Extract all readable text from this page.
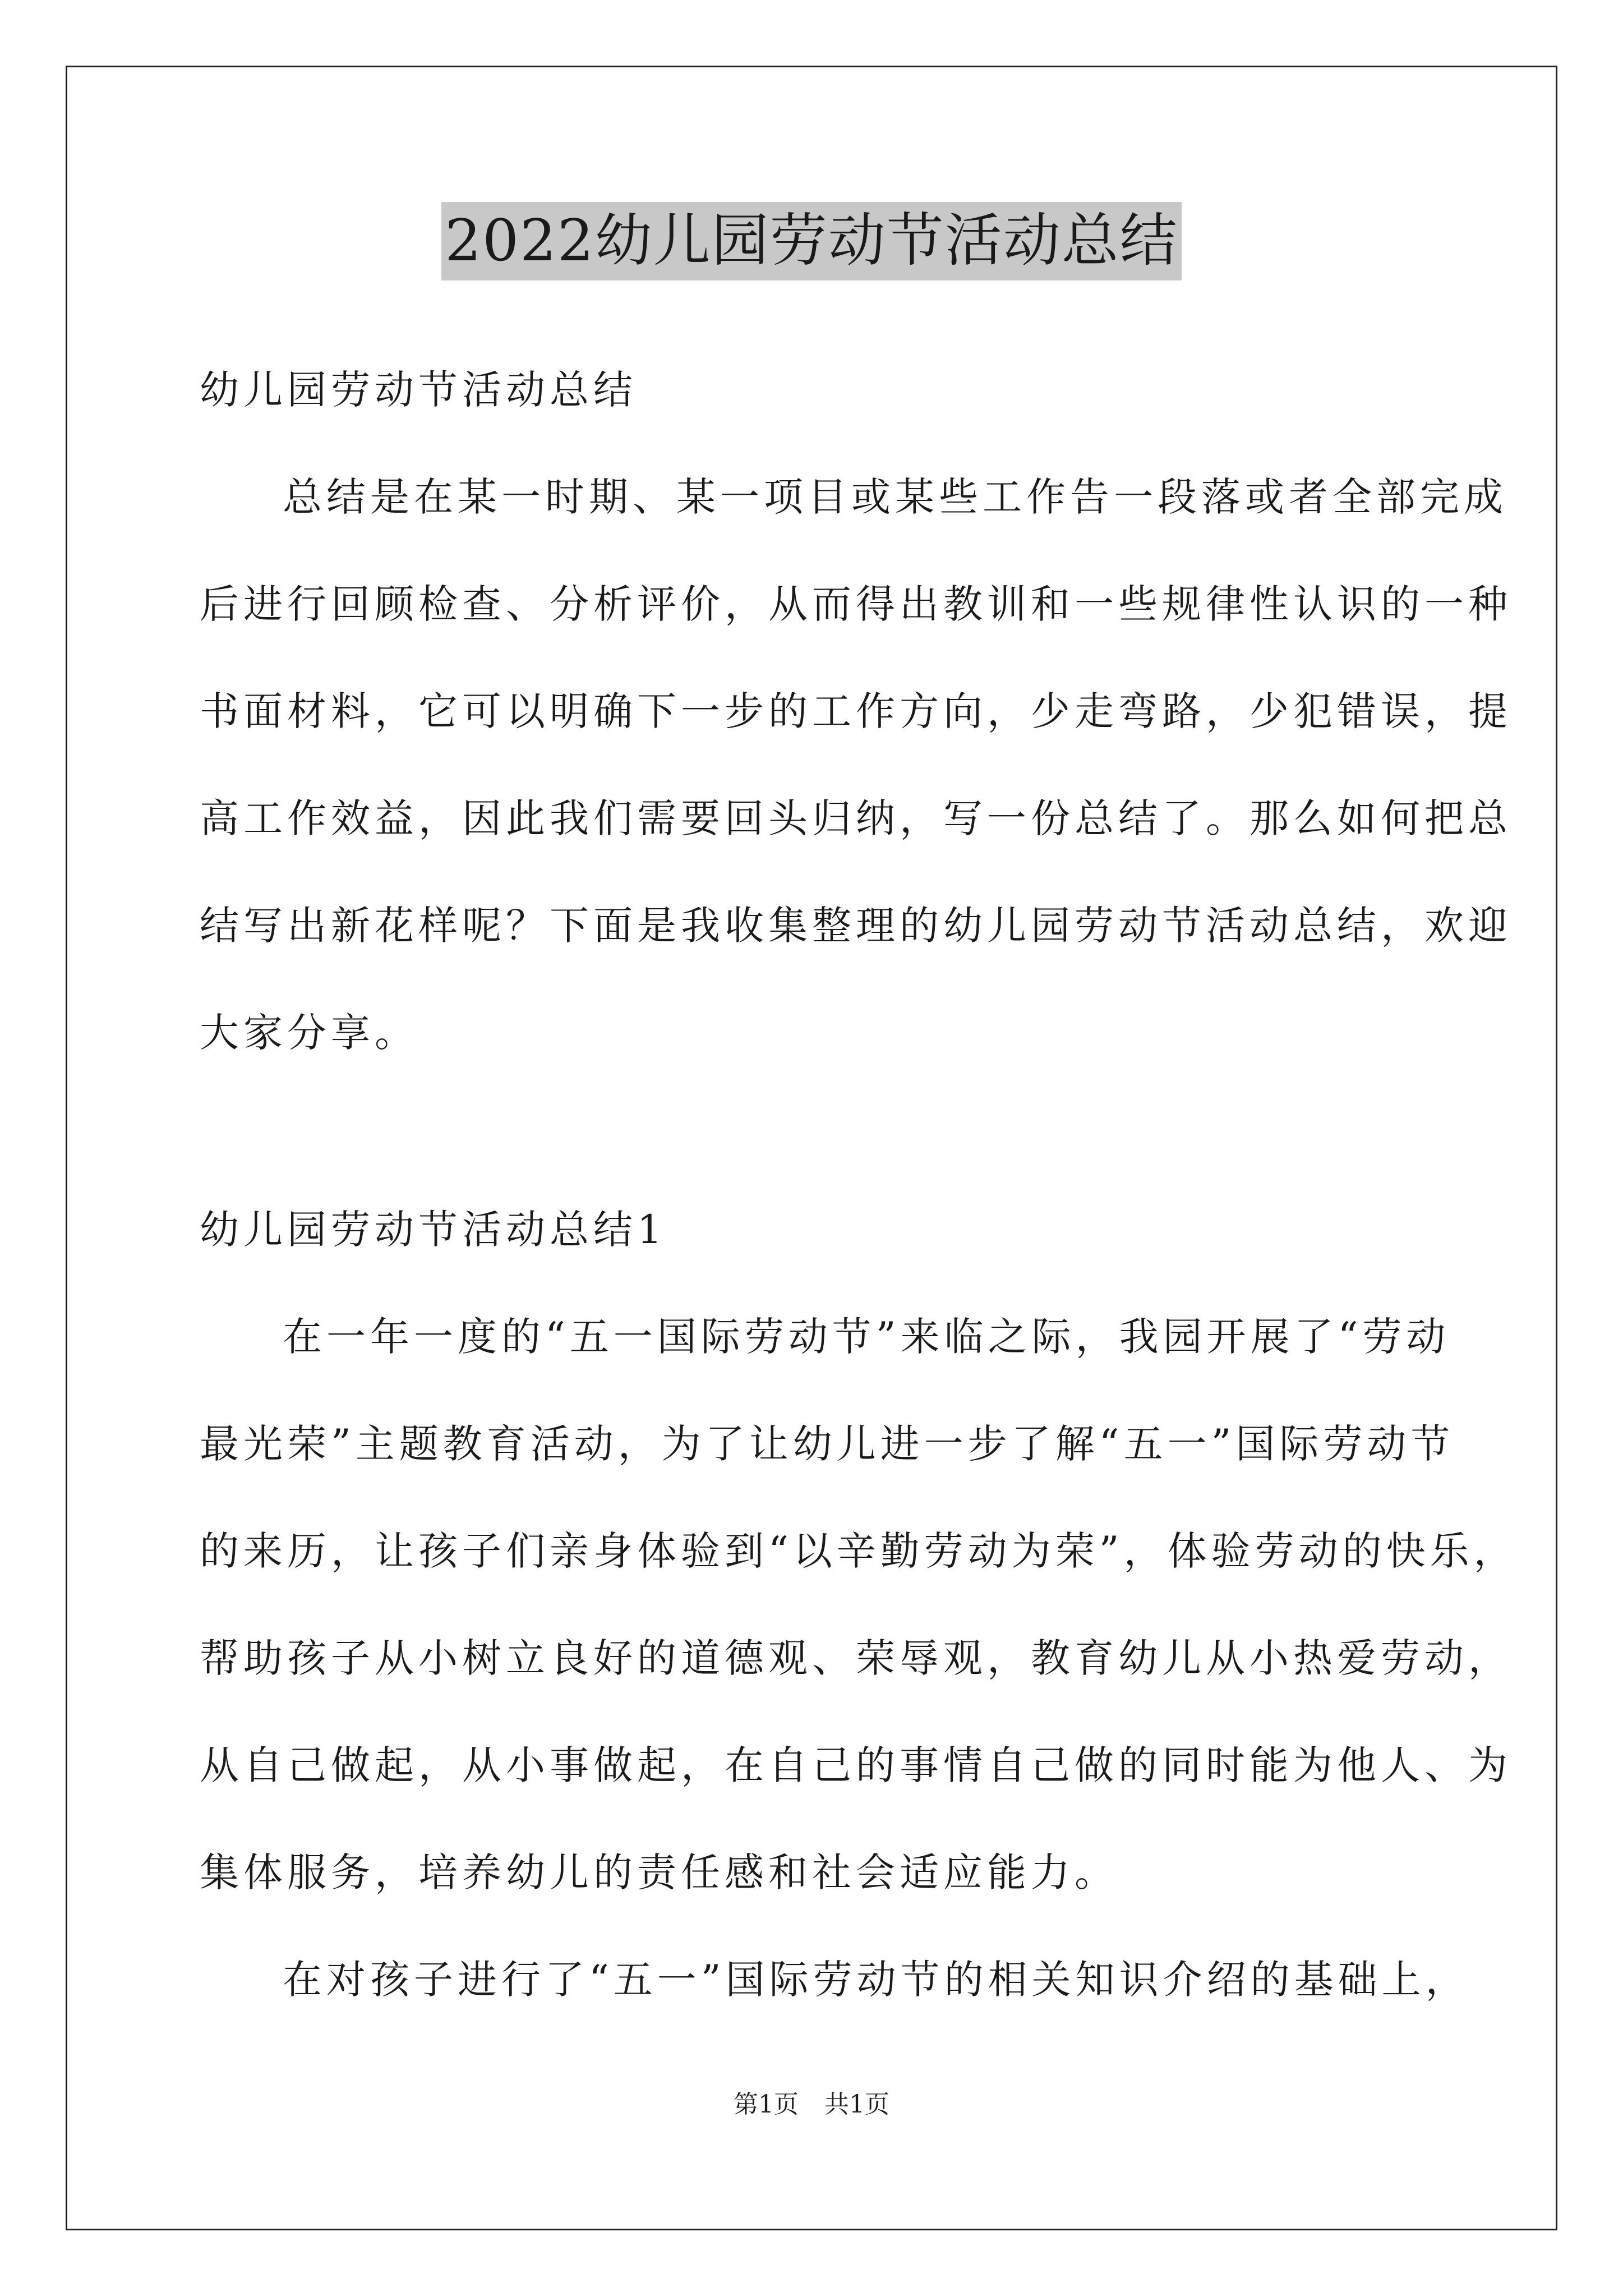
2022幼儿园劳动节活动总结
幼儿园劳动节活动总结
总结是在某一时期、某一项目或某些工作告一段落或者全部完成
后进行回顾检查、分析评价，从而得出教训和一些规律性认识的一种
书面材料，它可以明确下一步的工作方向，少走弯路，少犯错误，提
高工作效益，因此我们需要回头归纳，写一份总结了。那么如何把总
结写出新花样呢？下面是我收集整理的幼儿园劳动节活动总结，欢迎
大家分享。
幼儿园劳动节活动总结1
在一年一度的“五一国际劳动节”来临之际，我园开展了“劳动
最光荣”主题教育活动，为了让幼儿进一步了解“五一”国际劳动节
的来历，让孩子们亲身体验到“以辛勤劳动为荣”，体验劳动的快乐，
帮助孩子从小树立良好的道德观、荣辱观，教育幼儿从小热爱劳动，
从自己做起，从小事做起，在自己的事情自己做的同时能为他人、为
集体服务，培养幼儿的责任感和社会适应能力。
在对孩子进行了“五一”国际劳动节的相关知识介绍的基础上，
第1页 共1页
